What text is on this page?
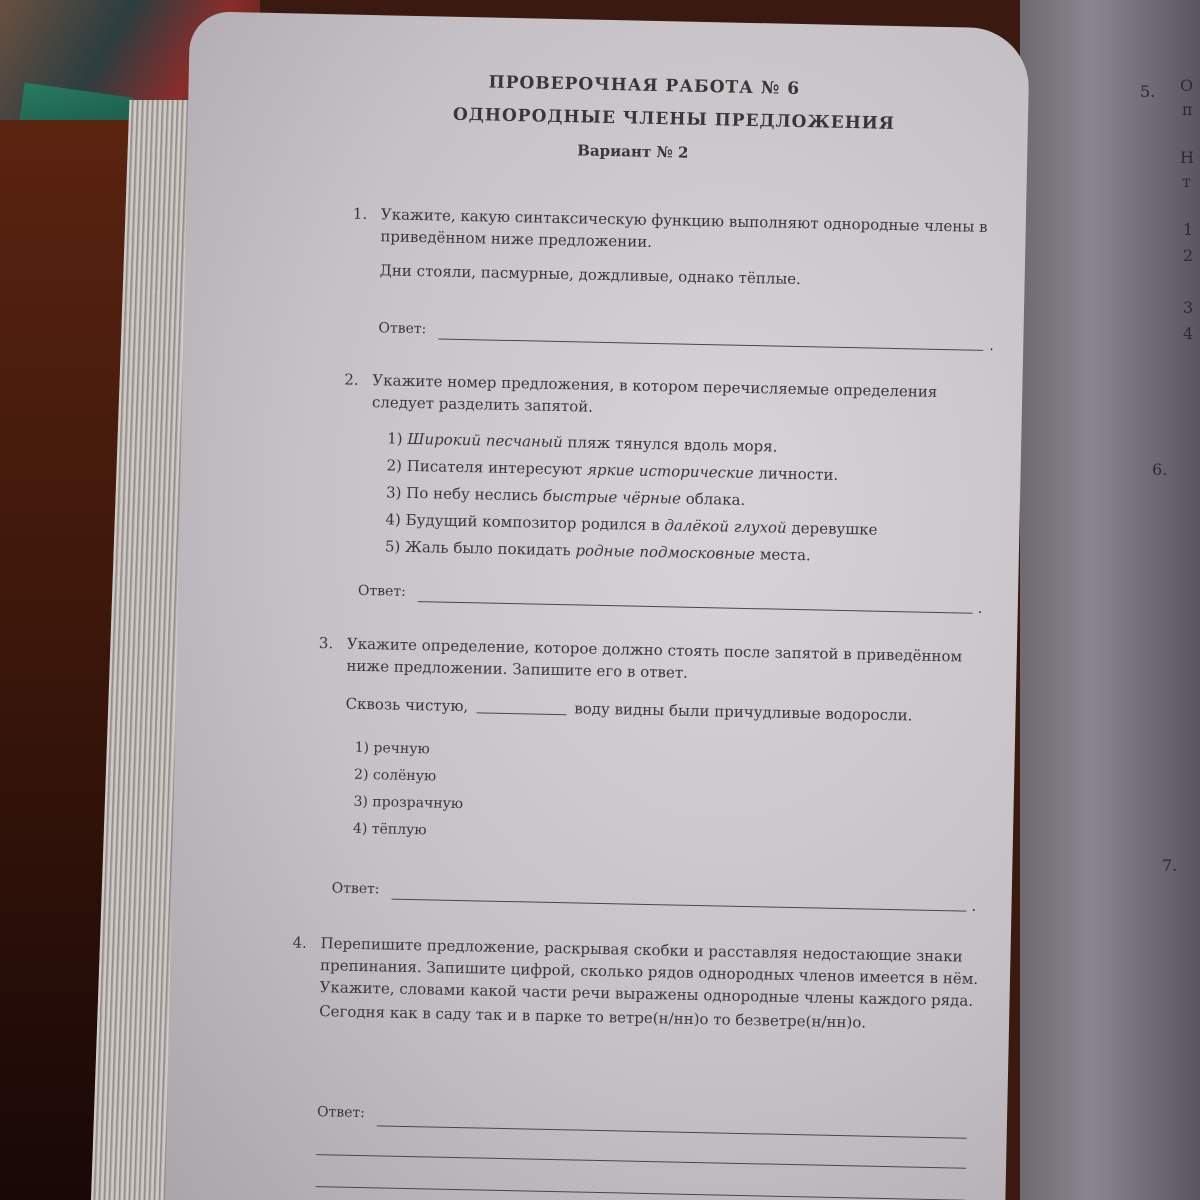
5. О
п
Н
т
1
2
3
4
6.
7.
ПРОВЕРОЧНАЯ РАБОТА № 6
ОДНОРОДНЫЕ ЧЛЕНЫ ПРЕДЛОЖЕНИЯ
Вариант № 2
1. Укажите, какую синтаксическую функцию выполняют однородные члены в приведённом ниже предложении.
Дни стояли, пасмурные, дождливые, однако тёплые.
Ответ:
.
2. Укажите номер предложения, в котором перечисляемые определения следует разделить запятой.
1) Широкий песчаный пляж тянулся вдоль моря.
2) Писателя интересуют яркие исторические личности.
3) По небу неслись быстрые чёрные облака.
4) Будущий композитор родился в далёкой глухой деревушке
5) Жаль было покидать родные подмосковные места.
Ответ:
.
3. Укажите определение, которое должно стоять после запятой в приведённом ниже предложении. Запишите его в ответ.
Сквозь чистую,	воду видны были причудливые водоросли.
1) речную
2) солёную
3) прозрачную
4) тёплую
Ответ:
.
4. Перепишите предложение, раскрывая скобки и расставляя недостающие знаки препинания. Запишите цифрой, сколько рядов однородных членов имеется в нём. Укажите, словами какой части речи выражены однородные члены каждого ряда.
Сегодня как в саду так и в парке то ветре(н/нн)о то безветре(н/нн)о.
Ответ:
